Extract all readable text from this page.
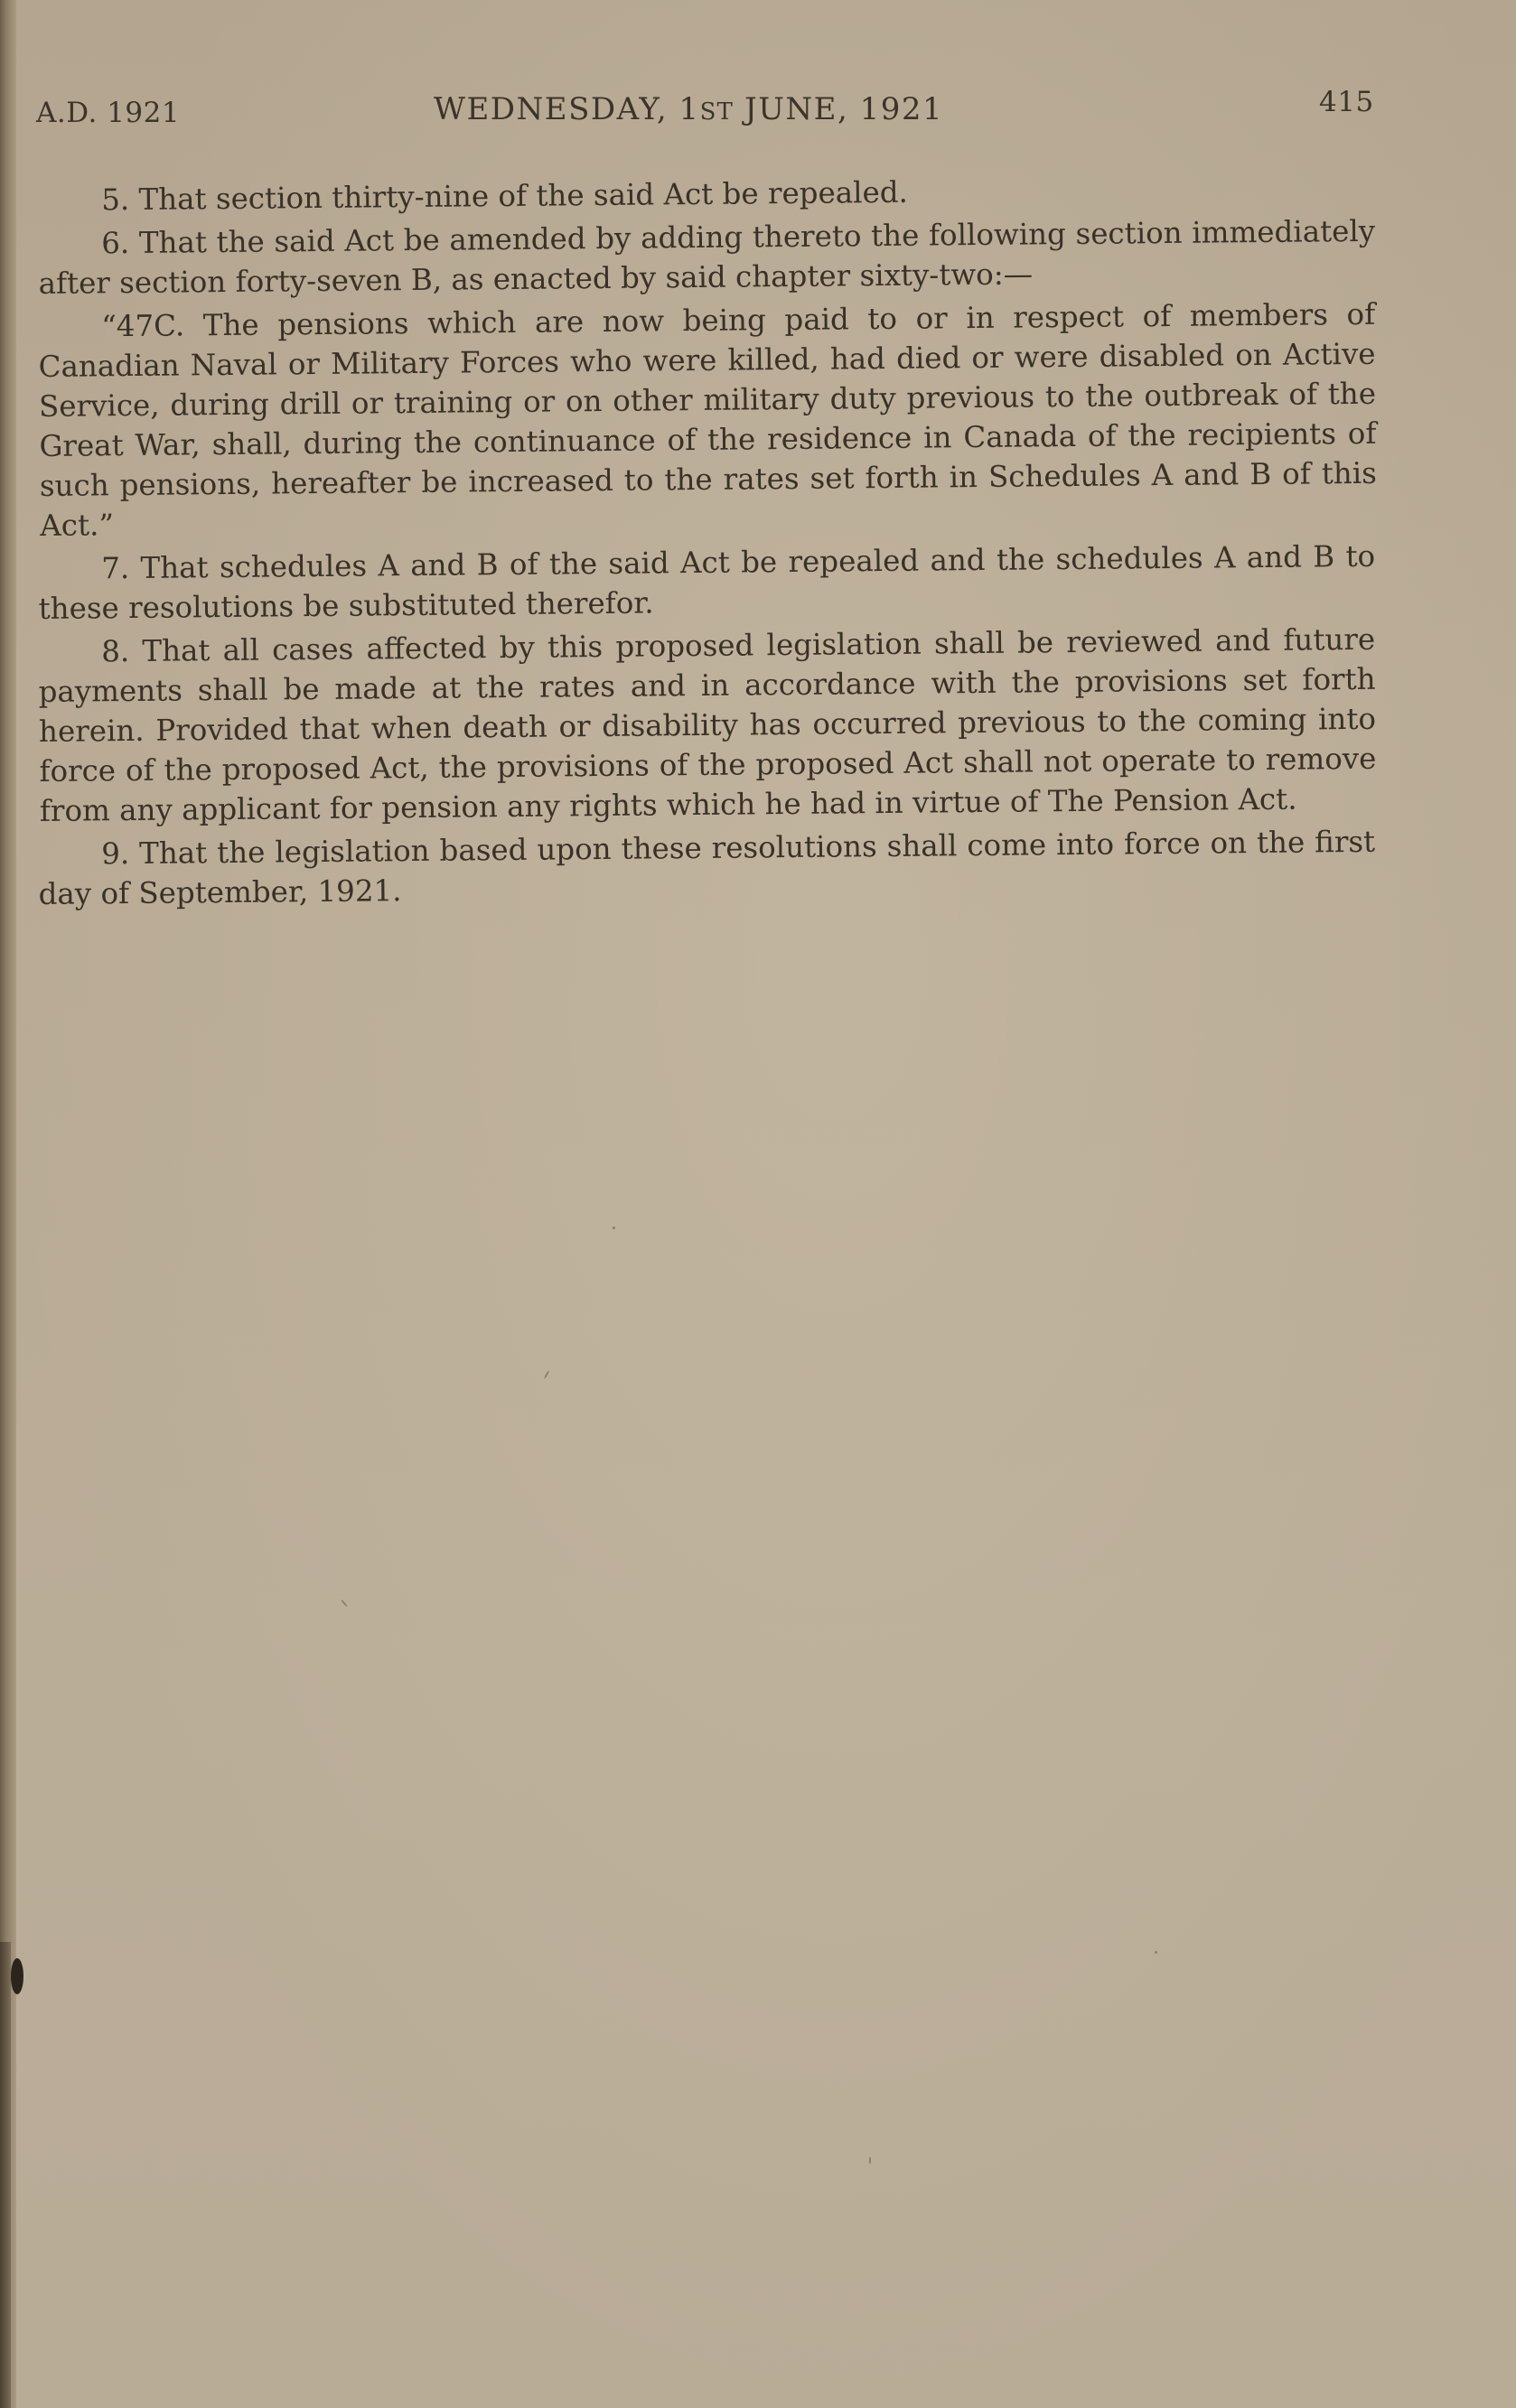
A.D. 1921	WEDNESDAY, 1ST JUNE, 1921	415

5. That section thirty-nine of the said Act be repealed.

6. That the said Act be amended by adding thereto the following section immediately after section forty-seven B, as enacted by said chapter sixty-two:—

“47C. The pensions which are now being paid to or in respect of members of Canadian Naval or Military Forces who were killed, had died or were disabled on Active Service, during drill or training or on other military duty previous to the outbreak of the Great War, shall, during the continuance of the residence in Canada of the recipients of such pensions, hereafter be increased to the rates set forth in Schedules A and B of this Act.”

7. That schedules A and B of the said Act be repealed and the schedules A and B to these resolutions be substituted therefor.

8. That all cases affected by this proposed legislation shall be reviewed and future payments shall be made at the rates and in accordance with the provisions set forth herein. Provided that when death or disability has occurred previous to the coming into force of the proposed Act, the provisions of the proposed Act shall not operate to remove from any applicant for pension any rights which he had in virtue of The Pension Act.

9. That the legislation based upon these resolutions shall come into force on the first day of September, 1921.
